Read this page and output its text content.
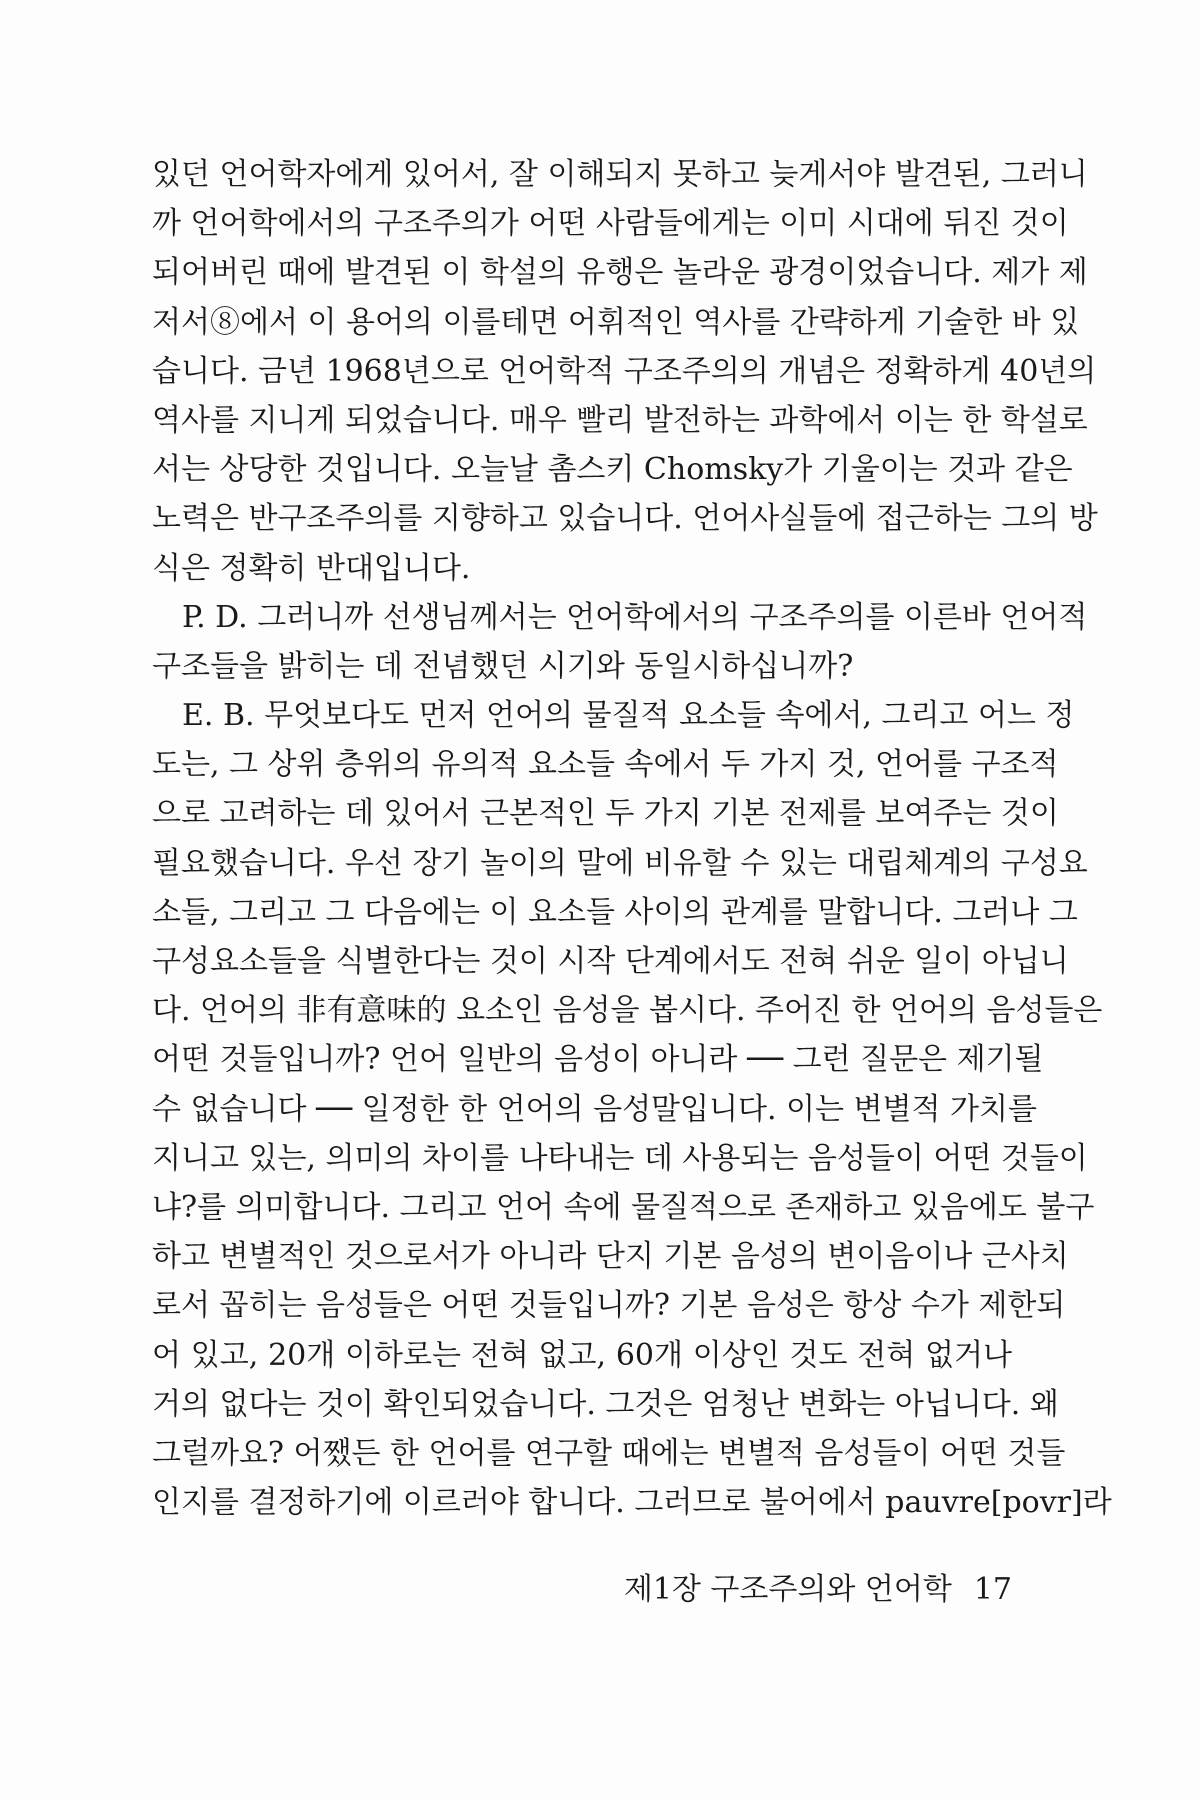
있던 언어학자에게 있어서, 잘 이해되지 못하고 늦게서야 발견된, 그러니
까 언어학에서의 구조주의가 어떤 사람들에게는 이미 시대에 뒤진 것이
되어버린 때에 발견된 이 학설의 유행은 놀라운 광경이었습니다. 제가 제
저서⑧에서 이 용어의 이를테면 어휘적인 역사를 간략하게 기술한 바 있
습니다. 금년 1968년으로 언어학적 구조주의의 개념은 정확하게 40년의
역사를 지니게 되었습니다. 매우 빨리 발전하는 과학에서 이는 한 학설로
서는 상당한 것입니다. 오늘날 촘스키 Chomsky가 기울이는 것과 같은
노력은 반구조주의를 지향하고 있습니다. 언어사실들에 접근하는 그의 방
식은 정확히 반대입니다.
　P. D. 그러니까 선생님께서는 언어학에서의 구조주의를 이른바 언어적
구조들을 밝히는 데 전념했던 시기와 동일시하십니까?
　E. B. 무엇보다도 먼저 언어의 물질적 요소들 속에서, 그리고 어느 정
도는, 그 상위 층위의 유의적 요소들 속에서 두 가지 것, 언어를 구조적
으로 고려하는 데 있어서 근본적인 두 가지 기본 전제를 보여주는 것이
필요했습니다. 우선 장기 놀이의 말에 비유할 수 있는 대립체계의 구성요
소들, 그리고 그 다음에는 이 요소들 사이의 관계를 말합니다. 그러나 그
구성요소들을 식별한다는 것이 시작 단계에서도 전혀 쉬운 일이 아닙니
다. 언어의 非有意味的 요소인 음성을 봅시다. 주어진 한 언어의 음성들은
어떤 것들입니까? 언어 일반의 음성이 아니라 ── 그런 질문은 제기될
수 없습니다 ── 일정한 한 언어의 음성말입니다. 이는 변별적 가치를
지니고 있는, 의미의 차이를 나타내는 데 사용되는 음성들이 어떤 것들이
냐?를 의미합니다. 그리고 언어 속에 물질적으로 존재하고 있음에도 불구
하고 변별적인 것으로서가 아니라 단지 기본 음성의 변이음이나 근사치
로서 꼽히는 음성들은 어떤 것들입니까? 기본 음성은 항상 수가 제한되
어 있고, 20개 이하로는 전혀 없고, 60개 이상인 것도 전혀 없거나
거의 없다는 것이 확인되었습니다. 그것은 엄청난 변화는 아닙니다. 왜
그럴까요? 어쨌든 한 언어를 연구할 때에는 변별적 음성들이 어떤 것들
인지를 결정하기에 이르러야 합니다. 그러므로 불어에서 pauvre[povr]라
제1장 구조주의와 언어학 17
